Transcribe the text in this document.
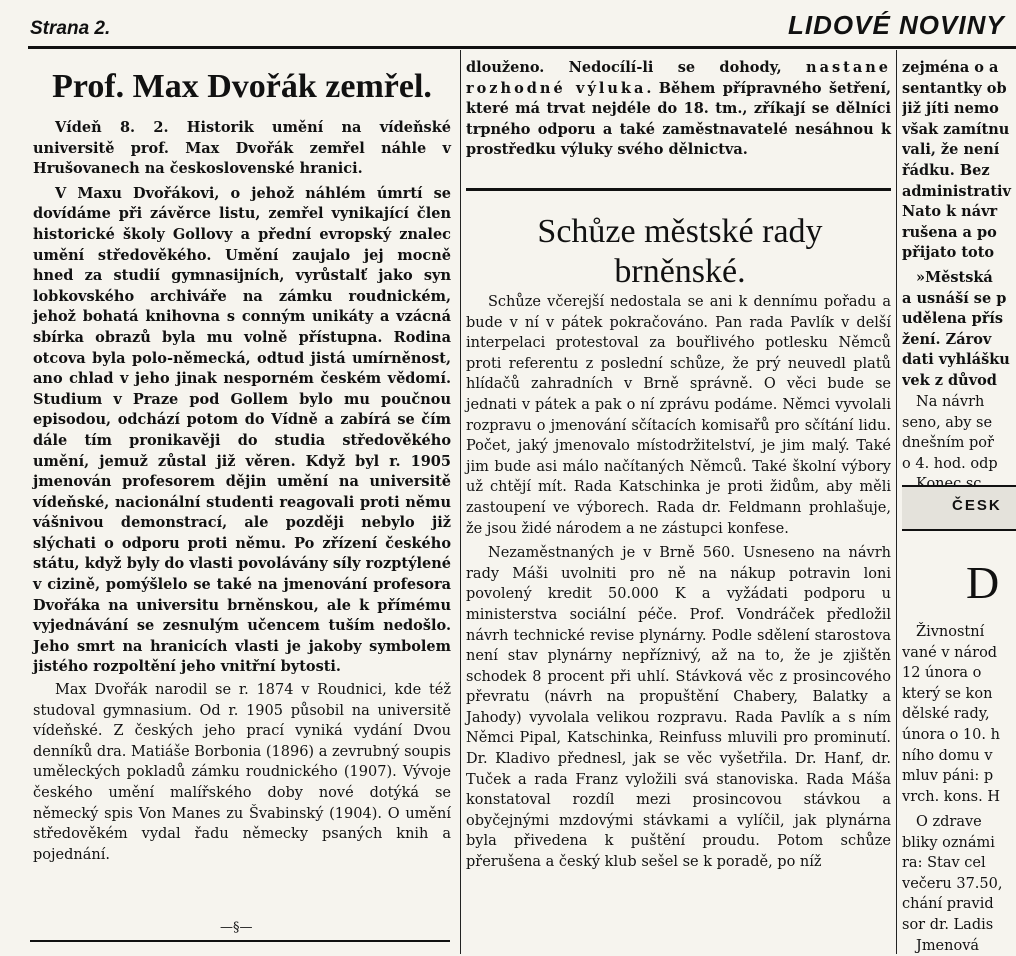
Strana 2.	LIDOVÉ NOVINY
Prof. Max Dvořák zemřel.

Vídeň 8. 2. Historik umění na vídeňské universitě prof. Max Dvořák zemřel náhle v Hrušovanech na československé hranici.

V Maxu Dvořákovi, o jehož náhlém úmrtí se dovídáme při závěrce listu, zemřel vynikající člen historické školy Gollovy a přední evropský znalec umění středověkého. Umění zaujalo jej mocně hned za studií gymnasijních, vyrůstalť jako syn lobkovského archiváře na zámku roudnickém, jehož bohatá knihovna s conným unikáty a vzácná sbírka obrazů byla mu volně přístupna. Rodina otcova byla polo-německá, odtud jistá umírněnost, ano chlad v jeho jinak nesporném českém vědomí. Studium v Praze pod Gollem bylo mu poučnou episodou, odchází potom do Vídně a zabírá se čím dále tím pronikavěji do studia středověkého umění, jemuž zůstal již věren. Když byl r. 1905 jmenován profesorem dějin umění na universitě vídeňské, nacionální studenti reagovali proti němu vášnivou demonstrací, ale později nebylo již slýchati o odporu proti němu. Po zřízení českého státu, když byly do vlasti povolávány síly rozptýlené v cizině, pomýšlelo se také na jmenování profesora Dvořáka na universitu brněnskou, ale k přímému vyjednávání se zesnulým učencem tuším nedošlo. Jeho smrt na hranicích vlasti je jakoby symbolem jistého rozpoltění jeho vnitřní bytosti.

Max Dvořák narodil se r. 1874 v Roudnici, kde též studoval gymnasium. Od r. 1905 působil na universitě vídeňské. Z českých jeho prací vyniká vydání Dvou denníků dra. Matiáše Borbonia (1896) a zevrubný soupis uměleckých pokladů zámku roudnického (1907). Vývoje českého umění malířského doby nové dotýká se německý spis Von Manes zu Švabinský (1904). O umění středověkém vydal řadu německy psaných knih a pojednání.

—§—
dlouženo. Nedocílí-li se dohody, nastane rozhodné výluka. Během přípravného šetření, které má trvat nejdéle do 18. tm., zříkají se dělníci trpného odporu a také zaměstnavatelé nesáhnou k prostředku výluky svého dělnictva.
Schůze městské rady
brněnské.

Schůze včerejší nedostala se ani k dennímu pořadu a bude v ní v pátek pokračováno. Pan rada Pavlík v delší interpelaci protestoval za bouřlivého potlesku Němců proti referentu z poslední schůze, že prý neuvedl platů hlídačů zahradních v Brně správně. O věci bude se jednati v pátek a pak o ní zprávu podáme. Němci vyvolali rozpravu o jmenování sčítacích komisařů pro sčítání lidu. Počet, jaký jmenovalo místodržitelství, je jim malý. Také jim bude asi málo načítaných Němců. Také školní výbory už chtějí mít. Rada Katschinka je proti židům, aby měli zastoupení ve výborech. Rada dr. Feldmann prohlašuje, že jsou židé národem a ne zástupci konfese.

Nezaměstnaných je v Brně 560. Usneseno na návrh rady Máši uvolniti pro ně na nákup potravin loni povolený kredit 50.000 K a vyžádati podporu u ministerstva sociální péče. Prof. Vondráček předložil návrh technické revise plynárny. Podle sdělení starostova není stav plynárny nepříznivý, až na to, že je zjištěn schodek 8 procent při uhlí. Stávková věc z prosincového převratu (návrh na propuštění Chabery, Balatky a Jahody) vyvolala velikou rozpravu. Rada Pavlík a s ním Němci Pipal, Katschinka, Reinfuss mluvili pro prominutí. Dr. Kladivo přednesl, jak se věc vyšetřila. Dr. Hanf, dr. Tuček a rada Franz vyložili svá stanoviska. Rada Máša konstatoval rozdíl mezi prosincovou stávkou a obyčejnými mzdovými stávkami a vylíčil, jak plynárna byla přivedena k puštění proudu. Potom schůze přerušena a český klub sešel se k poradě, po níž

zejména o a
sentantky ob
již jíti nemo
však zamítnu
vali, že není
řádku. Bez
administrativ
Nato k návr
rušena a po
přijato toto
»Městská
a usnáší se p
udělena přís
žení. Zárov
dati vyhlášku
vek z důvod
Na návrh
seno, aby se
dnešním poř
o 4. hod. odp
ČESK
D
Živnostní
vané v národ
12 února o
který se kon
dělské rady,
února o 10. h
ního domu v
mluv páni: p
vrch. kons. H
O zdrave
bliky oznámi
ra: Stav cel
večeru 37.50,
chání pravid
sor dr. Ladis
Jmenová
